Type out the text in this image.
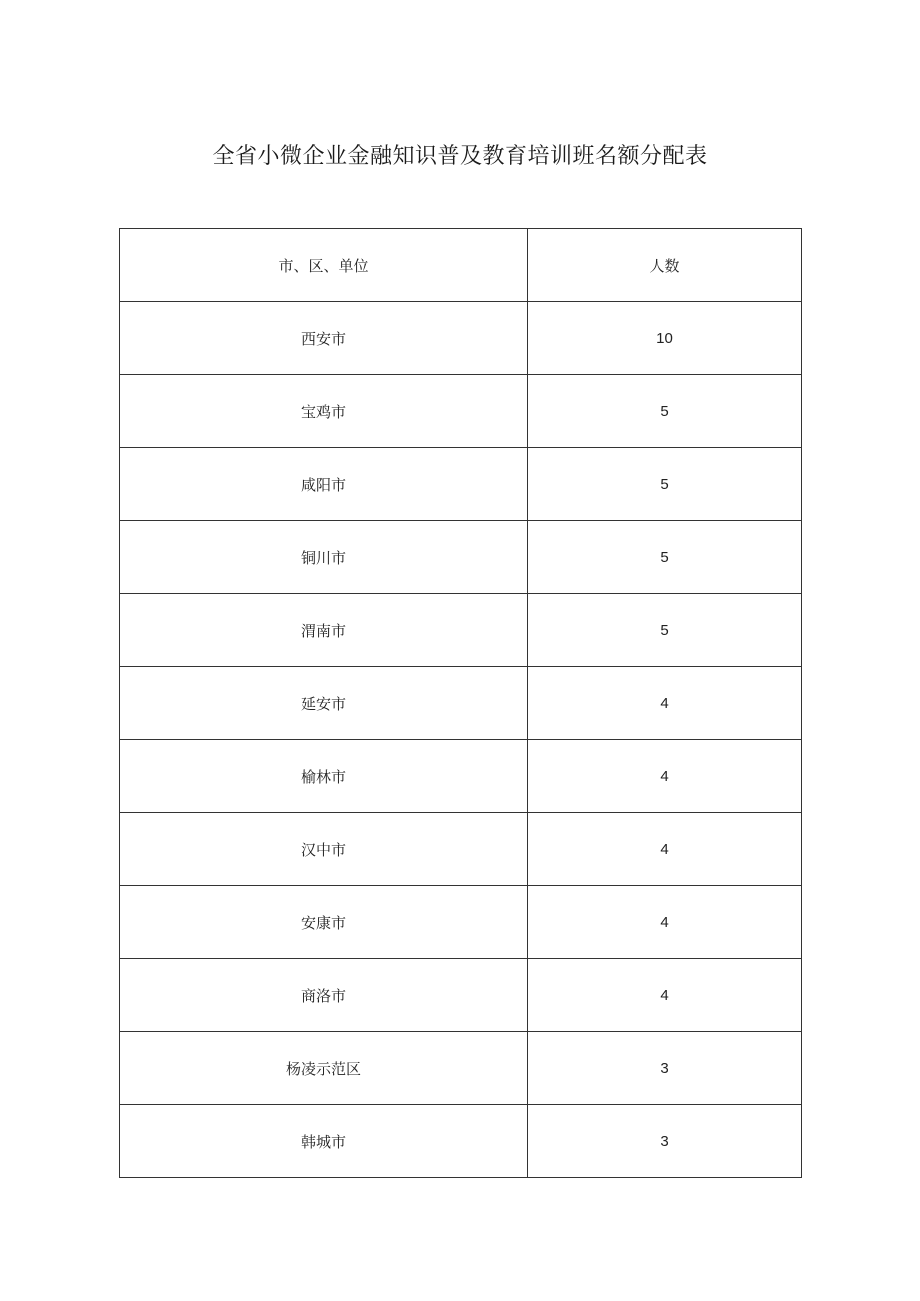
全省小微企业金融知识普及教育培训班名额分配表
市、区、单位	人数
西安市	10
宝鸡市	5
咸阳市	5
铜川市	5
渭南市	5
延安市	4
榆林市	4
汉中市	4
安康市	4
商洛市	4
杨凌示范区	3
韩城市	3
